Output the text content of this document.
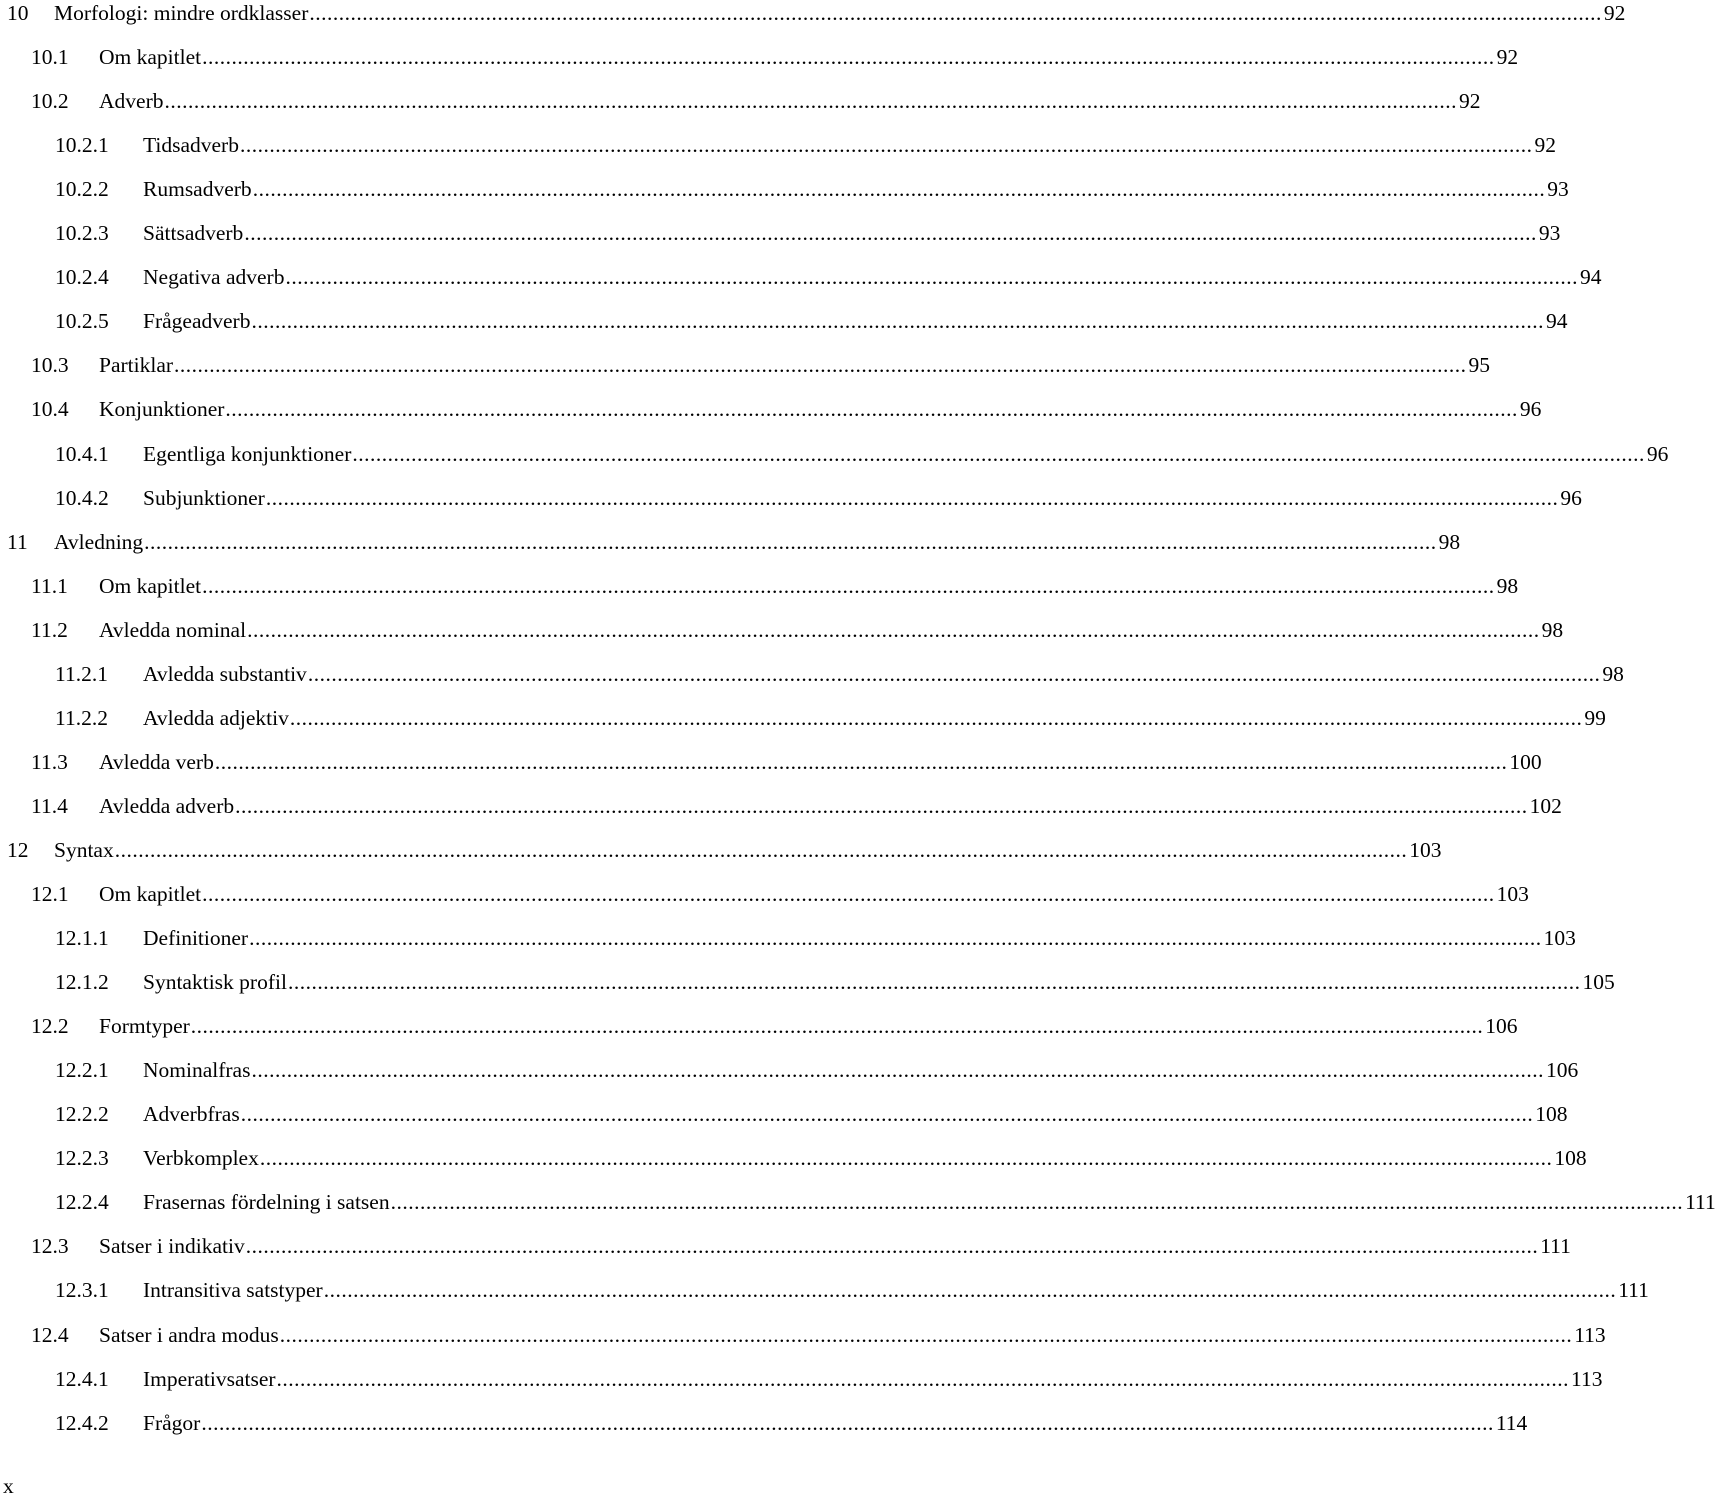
10 Morfologi: mindre ordklasser ............................................................................................................................................................................................................................ 92
10.1 Om kapitlet ............................................................................................................................................................................................................................ 92
10.2 Adverb ............................................................................................................................................................................................................................ 92
10.2.1 Tidsadverb ............................................................................................................................................................................................................................ 92
10.2.2 Rumsadverb ............................................................................................................................................................................................................................ 93
10.2.3 Sättsadverb ............................................................................................................................................................................................................................ 93
10.2.4 Negativa adverb ............................................................................................................................................................................................................................ 94
10.2.5 Frågeadverb ............................................................................................................................................................................................................................ 94
10.3 Partiklar ............................................................................................................................................................................................................................ 95
10.4 Konjunktioner ............................................................................................................................................................................................................................ 96
10.4.1 Egentliga konjunktioner ............................................................................................................................................................................................................................ 96
10.4.2 Subjunktioner ............................................................................................................................................................................................................................ 96
11 Avledning ............................................................................................................................................................................................................................ 98
11.1 Om kapitlet ............................................................................................................................................................................................................................ 98
11.2 Avledda nominal ............................................................................................................................................................................................................................ 98
11.2.1 Avledda substantiv ............................................................................................................................................................................................................................ 98
11.2.2 Avledda adjektiv ............................................................................................................................................................................................................................ 99
11.3 Avledda verb ............................................................................................................................................................................................................................ 100
11.4 Avledda adverb ............................................................................................................................................................................................................................ 102
12 Syntax ............................................................................................................................................................................................................................ 103
12.1 Om kapitlet ............................................................................................................................................................................................................................ 103
12.1.1 Definitioner ............................................................................................................................................................................................................................ 103
12.1.2 Syntaktisk profil ............................................................................................................................................................................................................................ 105
12.2 Formtyper ............................................................................................................................................................................................................................ 106
12.2.1 Nominalfras ............................................................................................................................................................................................................................ 106
12.2.2 Adverbfras ............................................................................................................................................................................................................................ 108
12.2.3 Verbkomplex ............................................................................................................................................................................................................................ 108
12.2.4 Frasernas fördelning i satsen ............................................................................................................................................................................................................................ 111
12.3 Satser i indikativ ............................................................................................................................................................................................................................ 111
12.3.1 Intransitiva satstyper ............................................................................................................................................................................................................................ 111
12.4 Satser i andra modus ............................................................................................................................................................................................................................ 113
12.4.1 Imperativsatser ............................................................................................................................................................................................................................ 113
12.4.2 Frågor ............................................................................................................................................................................................................................ 114
x
